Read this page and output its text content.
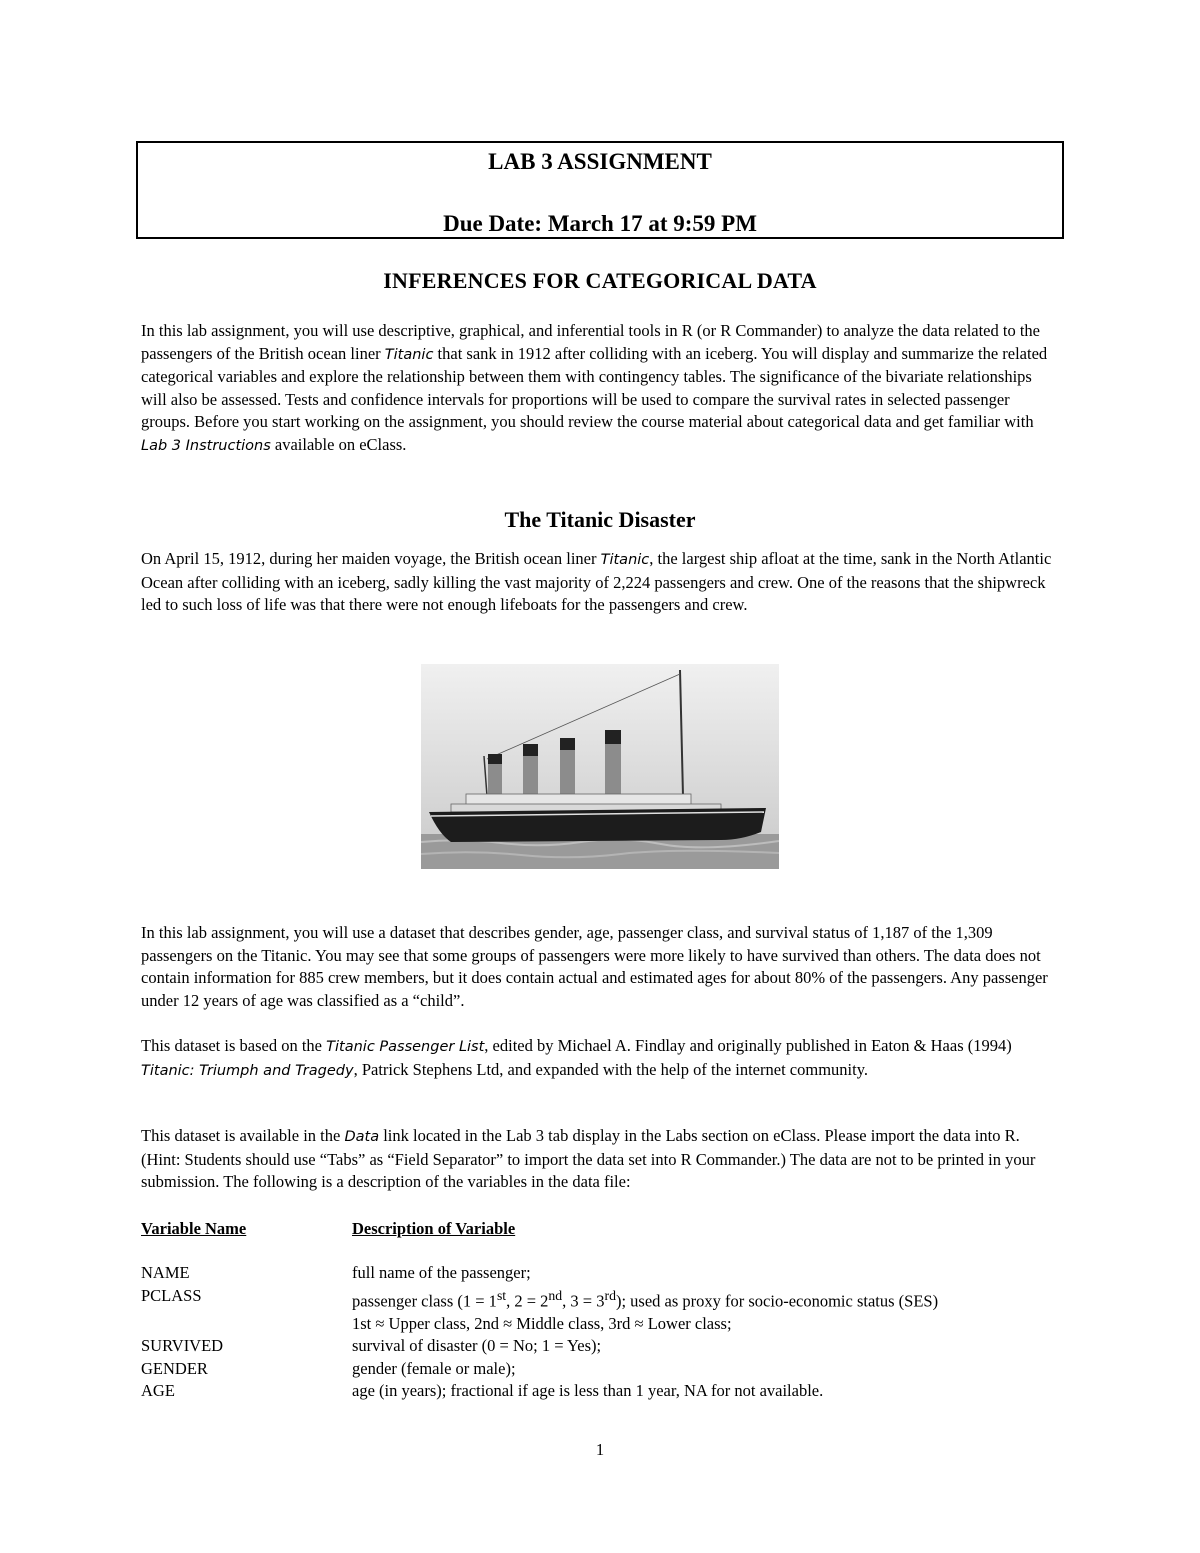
LAB 3 ASSIGNMENT
Due Date: March 17 at 9:59 PM
INFERENCES FOR CATEGORICAL DATA
In this lab assignment, you will use descriptive, graphical, and inferential tools in R (or R Commander) to analyze the data related to the passengers of the British ocean liner Titanic that sank in 1912 after colliding with an iceberg. You will display and summarize the related categorical variables and explore the relationship between them with contingency tables. The significance of the bivariate relationships will also be assessed. Tests and confidence intervals for proportions will be used to compare the survival rates in selected passenger groups. Before you start working on the assignment, you should review the course material about categorical data and get familiar with Lab 3 Instructions available on eClass.
The Titanic Disaster
On April 15, 1912, during her maiden voyage, the British ocean liner Titanic, the largest ship afloat at the time, sank in the North Atlantic Ocean after colliding with an iceberg, sadly killing the vast majority of 2,224 passengers and crew. One of the reasons that the shipwreck led to such loss of life was that there were not enough lifeboats for the passengers and crew.
In this lab assignment, you will use a dataset that describes gender, age, passenger class, and survival status of 1,187 of the 1,309 passengers on the Titanic. You may see that some groups of passengers were more likely to have survived than others. The data does not contain information for 885 crew members, but it does contain actual and estimated ages for about 80% of the passengers. Any passenger under 12 years of age was classified as a “child”.
This dataset is based on the Titanic Passenger List, edited by Michael A. Findlay and originally published in Eaton & Haas (1994) Titanic: Triumph and Tragedy, Patrick Stephens Ltd, and expanded with the help of the internet community.
This dataset is available in the Data link located in the Lab 3 tab display in the Labs section on eClass. Please import the data into R. (Hint: Students should use “Tabs” as “Field Separator” to import the data set into R Commander.) The data are not to be printed in your submission. The following is a description of the variables in the data file:
Variable Name	Description of Variable
NAME	full name of the passenger;
PCLASS	passenger class (1 = 1st, 2 = 2nd, 3 = 3rd); used as proxy for socio-economic status (SES)
1st ≈ Upper class, 2nd ≈ Middle class, 3rd ≈ Lower class;
SURVIVED	survival of disaster (0 = No; 1 = Yes);
GENDER	gender (female or male);
AGE	age (in years); fractional if age is less than 1 year, NA for not available.
1
